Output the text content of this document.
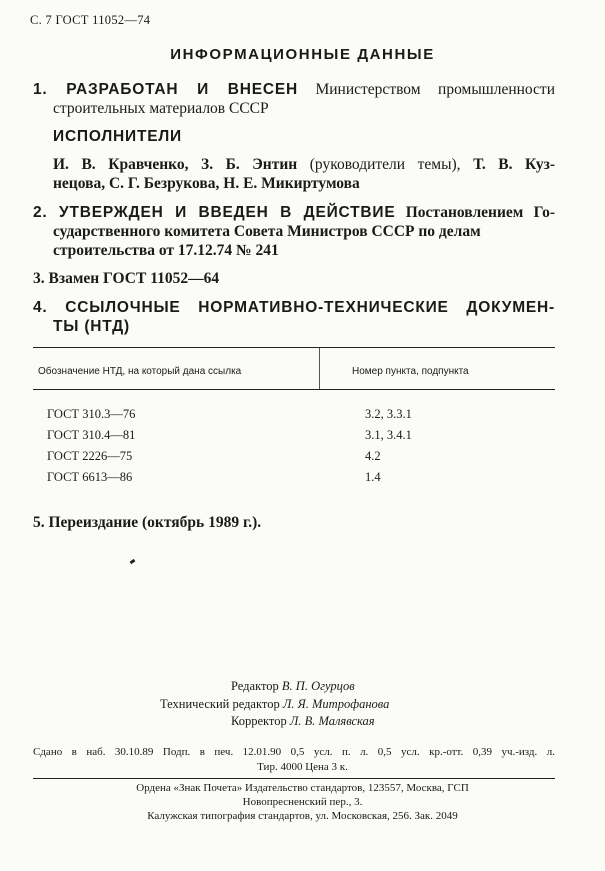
С. 7 ГОСТ 11052—74
ИНФОРМАЦИОННЫЕ ДАННЫЕ
1. РАЗРАБОТАН И ВНЕСЕН Министерством промышленности
строительных материалов СССР
ИСПОЛНИТЕЛИ
И. В. Кравченко, З. Б. Энтин (руководители темы), Т. В. Куз-
нецова, С. Г. Безрукова, Н. Е. Микиртумова
2. УТВЕРЖДЕН И ВВЕДЕН В ДЕЙСТВИЕ Постановлением Го-
сударственного комитета Совета Министров СССР по делам
строительства от 17.12.74 № 241
3. Взамен ГОСТ 11052—64
4. ССЫЛОЧНЫЕ НОРМАТИВНО-ТЕХНИЧЕСКИЕ ДОКУМЕН-
ТЫ (НТД)
Обозначение НТД, на который дана ссылка	Номер пункта, подпункта
ГОСТ 310.3—76	3.2, 3.3.1
ГОСТ 310.4—81	3.1, 3.4.1
ГОСТ 2226—75	4.2
ГОСТ 6613—86	1.4
5. Переиздание (октябрь 1989 г.).
Редактор В. П. Огурцов
Технический редактор Л. Я. Митрофанова
Корректор Л. В. Малявская
Сдано в наб. 30.10.89 Подп. в печ. 12.01.90 0,5 усл. п. л. 0,5 усл. кр.-отт. 0,39 уч.-изд. л.
Тир. 4000 Цена 3 к.
Ордена «Знак Почета» Издательство стандартов, 123557, Москва, ГСП
Новопресненский пер., 3.
Калужская типография стандартов, ул. Московская, 256. Зак. 2049
